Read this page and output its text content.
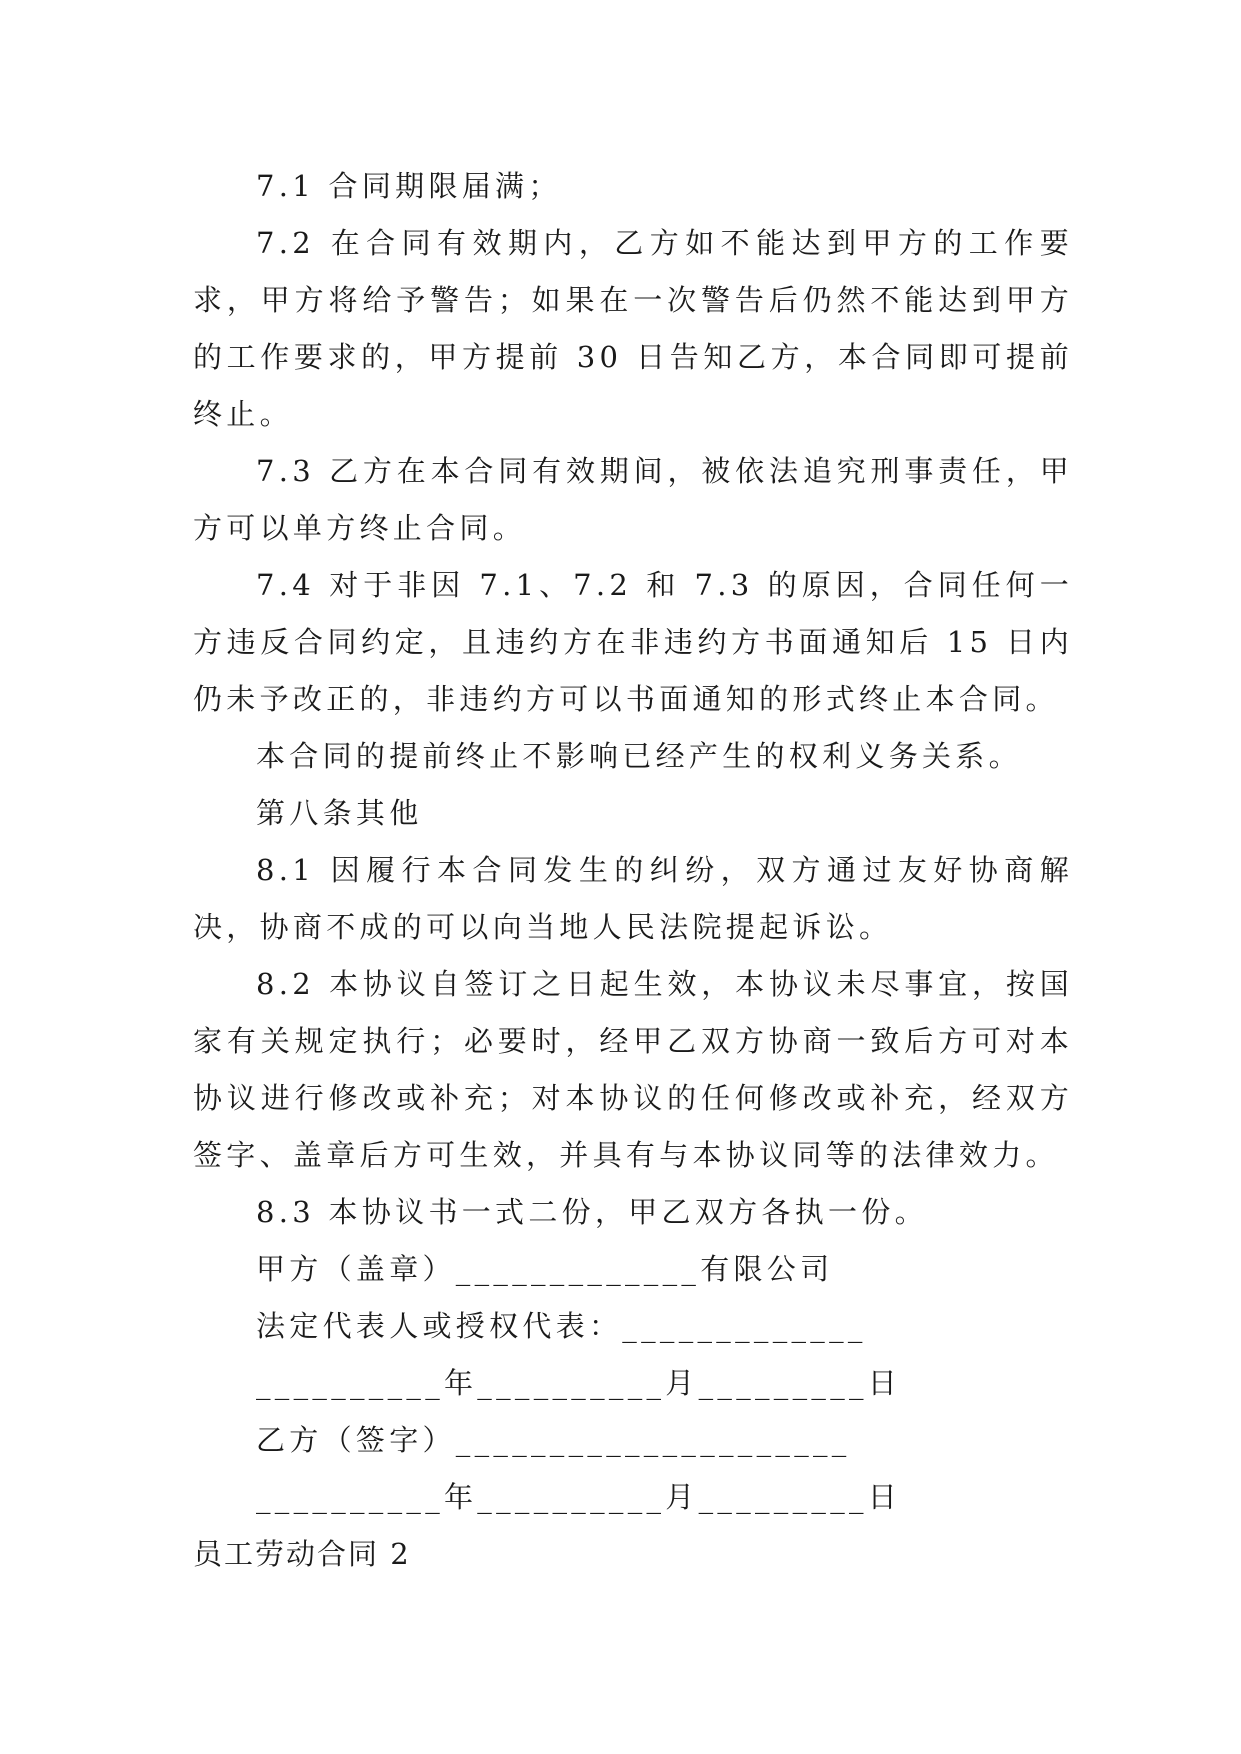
7.1 合同期限届满；

7.2 在合同有效期内，乙方如不能达到甲方的工作要求，甲方将给予警告；如果在一次警告后仍然不能达到甲方的工作要求的，甲方提前 30 日告知乙方，本合同即可提前终止。

7.3 乙方在本合同有效期间，被依法追究刑事责任，甲方可以单方终止合同。

7.4 对于非因 7.1、7.2 和 7.3 的原因，合同任何一方违反合同约定，且违约方在非违约方书面通知后 15 日内仍未予改正的，非违约方可以书面通知的形式终止本合同。

本合同的提前终止不影响已经产生的权利义务关系。

第八条其他

8.1 因履行本合同发生的纠纷，双方通过友好协商解决，协商不成的可以向当地人民法院提起诉讼。

8.2 本协议自签订之日起生效，本协议未尽事宜，按国家有关规定执行；必要时，经甲乙双方协商一致后方可对本协议进行修改或补充；对本协议的任何修改或补充，经双方签字、盖章后方可生效，并具有与本协议同等的法律效力。

8.3 本协议书一式二份，甲乙双方各执一份。

甲方（盖章）_____________有限公司

法定代表人或授权代表：_____________

__________年__________月_________日

乙方（签字）_____________________

__________年__________月_________日

员工劳动合同 2
